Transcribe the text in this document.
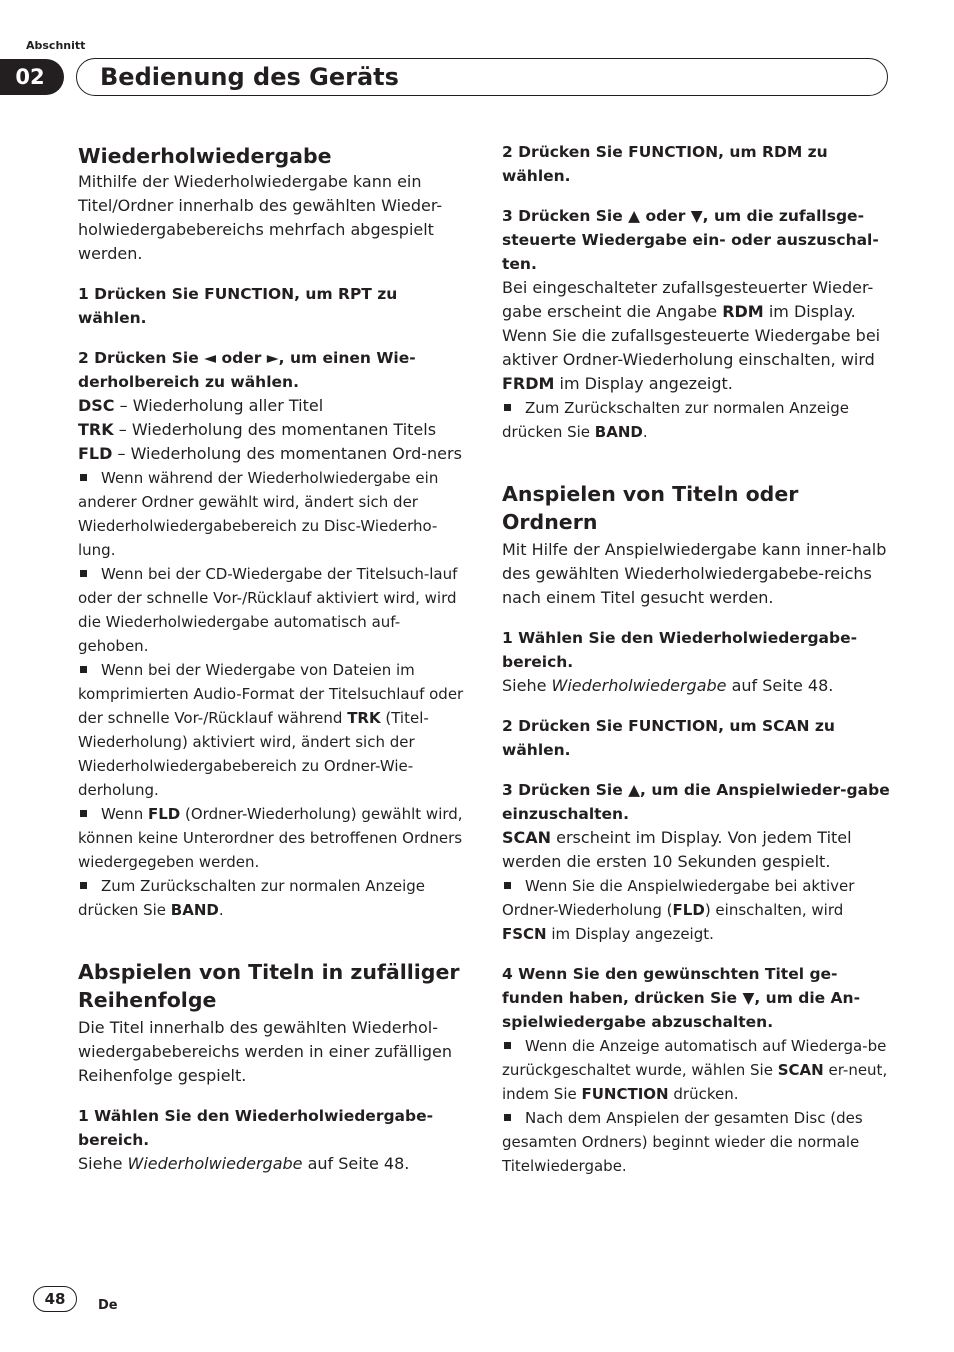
Abschnitt
02	Bedienung des Geräts

Wiederholwiedergabe

Mithilfe der Wiederholwiedergabe kann ein Titel/Ordner innerhalb des gewählten Wieder-holwiedergabebereichs mehrfach abgespielt werden.

1 Drücken Sie FUNCTION, um RPT zu wählen.

2 Drücken Sie ◄ oder ►, um einen Wie-derholbereich zu wählen.

DSC – Wiederholung aller Titel

TRK – Wiederholung des momentanen Titels

FLD – Wiederholung des momentanen Ord-ners

Wenn während der Wiederholwiedergabe ein anderer Ordner gewählt wird, ändert sich der Wiederholwiedergabebereich zu Disc-Wiederho-lung.

Wenn bei der CD-Wiedergabe der Titelsuch-lauf oder der schnelle Vor-/Rücklauf aktiviert wird, wird die Wiederholwiedergabe automatisch auf-gehoben.

Wenn bei der Wiedergabe von Dateien im komprimierten Audio-Format der Titelsuchlauf oder der schnelle Vor-/Rücklauf während TRK (Titel-Wiederholung) aktiviert wird, ändert sich der Wiederholwiedergabebereich zu Ordner-Wie-derholung.

Wenn FLD (Ordner-Wiederholung) gewählt wird, können keine Unterordner des betroffenen Ordners wiedergegeben werden.

Zum Zurückschalten zur normalen Anzeige drücken Sie BAND.

Abspielen von Titeln in zufälliger Reihenfolge

Die Titel innerhalb des gewählten Wiederhol-wiedergabebereichs werden in einer zufälligen Reihenfolge gespielt.

1 Wählen Sie den Wiederholwiedergabe-bereich.

Siehe Wiederholwiedergabe auf Seite 48.

2 Drücken Sie FUNCTION, um RDM zu wählen.

3 Drücken Sie ▲ oder ▼, um die zufallsge-steuerte Wiedergabe ein- oder auszuschal-ten.

Bei eingeschalteter zufallsgesteuerter Wieder-gabe erscheint die Angabe RDM im Display. Wenn Sie die zufallsgesteuerte Wiedergabe bei aktiver Ordner-Wiederholung einschalten, wird FRDM im Display angezeigt.

Zum Zurückschalten zur normalen Anzeige drücken Sie BAND.

Anspielen von Titeln oder Ordnern

Mit Hilfe der Anspielwiedergabe kann inner-halb des gewählten Wiederholwiedergabebe-reichs nach einem Titel gesucht werden.

1 Wählen Sie den Wiederholwiedergabe-bereich.

Siehe Wiederholwiedergabe auf Seite 48.

2 Drücken Sie FUNCTION, um SCAN zu wählen.

3 Drücken Sie ▲, um die Anspielwieder-gabe einzuschalten.

SCAN erscheint im Display. Von jedem Titel werden die ersten 10 Sekunden gespielt.

Wenn Sie die Anspielwiedergabe bei aktiver Ordner-Wiederholung (FLD) einschalten, wird FSCN im Display angezeigt.

4 Wenn Sie den gewünschten Titel ge-funden haben, drücken Sie ▼, um die An-spielwiedergabe abzuschalten.

Wenn die Anzeige automatisch auf Wiederga-be zurückgeschaltet wurde, wählen Sie SCAN er-neut, indem Sie FUNCTION drücken.

Nach dem Anspielen der gesamten Disc (des gesamten Ordners) beginnt wieder die normale Titelwiedergabe.

48	De
